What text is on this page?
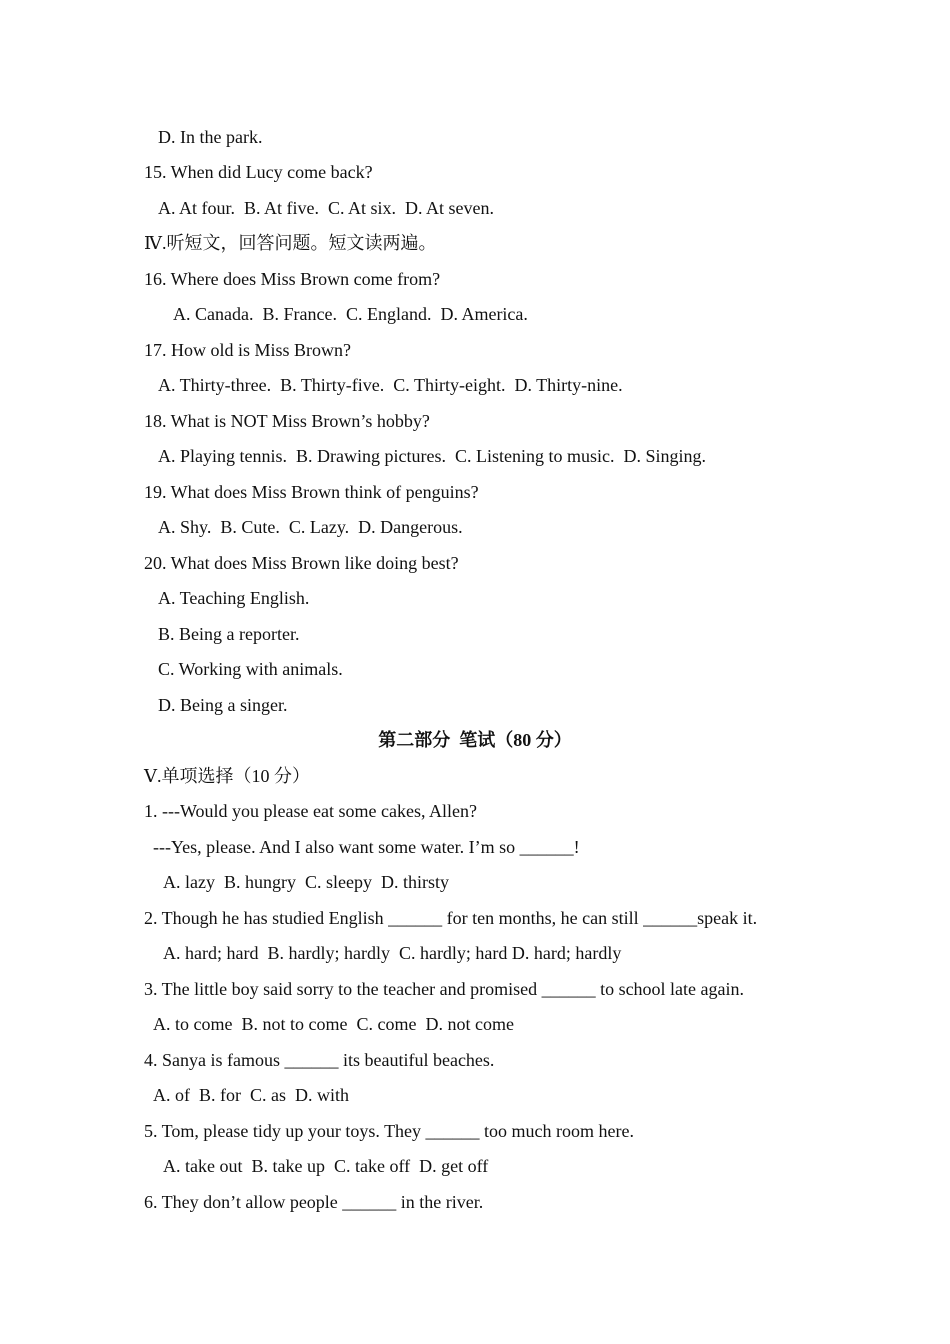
D. In the park.
15. When did Lucy come back?
A. At four.  B. At five.  C. At six.  D. At seven.
Ⅳ.听短文，回答问题。短文读两遍。
16. Where does Miss Brown come from?
A. Canada.  B. France.  C. England.  D. America.
17. How old is Miss Brown?
A. Thirty-three.  B. Thirty-five.  C. Thirty-eight.  D. Thirty-nine.
18. What is NOT Miss Brown’s hobby?
A. Playing tennis.  B. Drawing pictures.  C. Listening to music.  D. Singing.
19. What does Miss Brown think of penguins?
A. Shy.  B. Cute.  C. Lazy.  D. Dangerous.
20. What does Miss Brown like doing best?
A. Teaching English.
B. Being a reporter.
C. Working with animals.
D. Being a singer.
第二部分  笔试（80 分）
Ⅴ.单项选择（10 分）
1. ---Would you please eat some cakes, Allen?
---Yes, please. And I also want some water. I’m so ______!
A. lazy  B. hungry  C. sleepy  D. thirsty
2. Though he has studied English ______ for ten months, he can still ______speak it.
A. hard; hard  B. hardly; hardly  C. hardly; hard D. hard; hardly
3. The little boy said sorry to the teacher and promised ______ to school late again.
A. to come  B. not to come  C. come  D. not come
4. Sanya is famous ______ its beautiful beaches.
A. of  B. for  C. as  D. with
5. Tom, please tidy up your toys. They ______ too much room here.
A. take out  B. take up  C. take off  D. get off
6. They don’t allow people ______ in the river.
